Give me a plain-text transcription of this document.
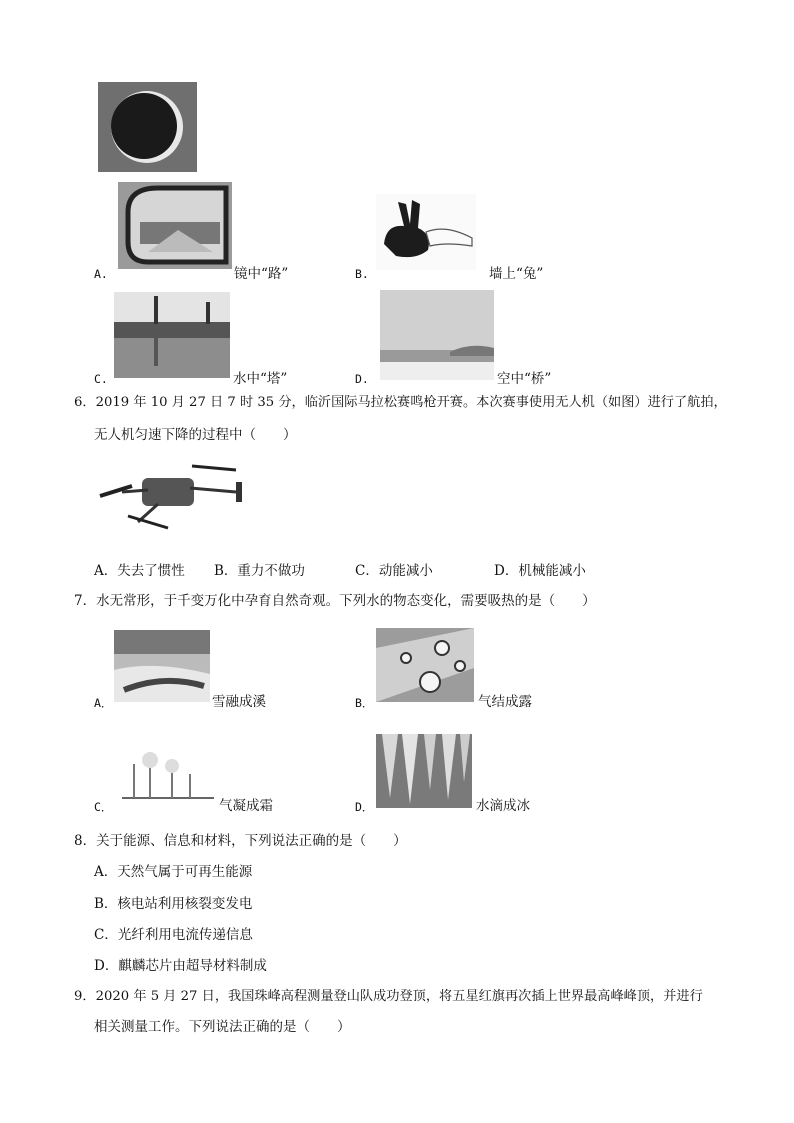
A.	镜中“路”	B.	墙上“兔”
C.	水中“塔”	D.	空中“桥”
6．2019 年 10 月 27 日 7 时 35 分，临沂国际马拉松赛鸣枪开赛。本次赛事使用无人机（如图）进行了航拍，
无人机匀速下降的过程中（　　）
A．失去了惯性 B．重力不做功	C．动能减小	D．机械能减小
7．水无常形，于千变万化中孕育自然奇观。下列水的物态变化，需要吸热的是（　　）
A．	雪融成溪	B．	气结成露
C．	气凝成霜	D．	水滴成冰
8．关于能源、信息和材料，下列说法正确的是（　　）
A．天然气属于可再生能源
B．核电站利用核裂变发电
C．光纤利用电流传递信息
D．麒麟芯片由超导材料制成
9．2020 年 5 月 27 日，我国珠峰高程测量登山队成功登顶，将五星红旗再次插上世界最高峰峰顶，并进行
相关测量工作。下列说法正确的是（　　）
